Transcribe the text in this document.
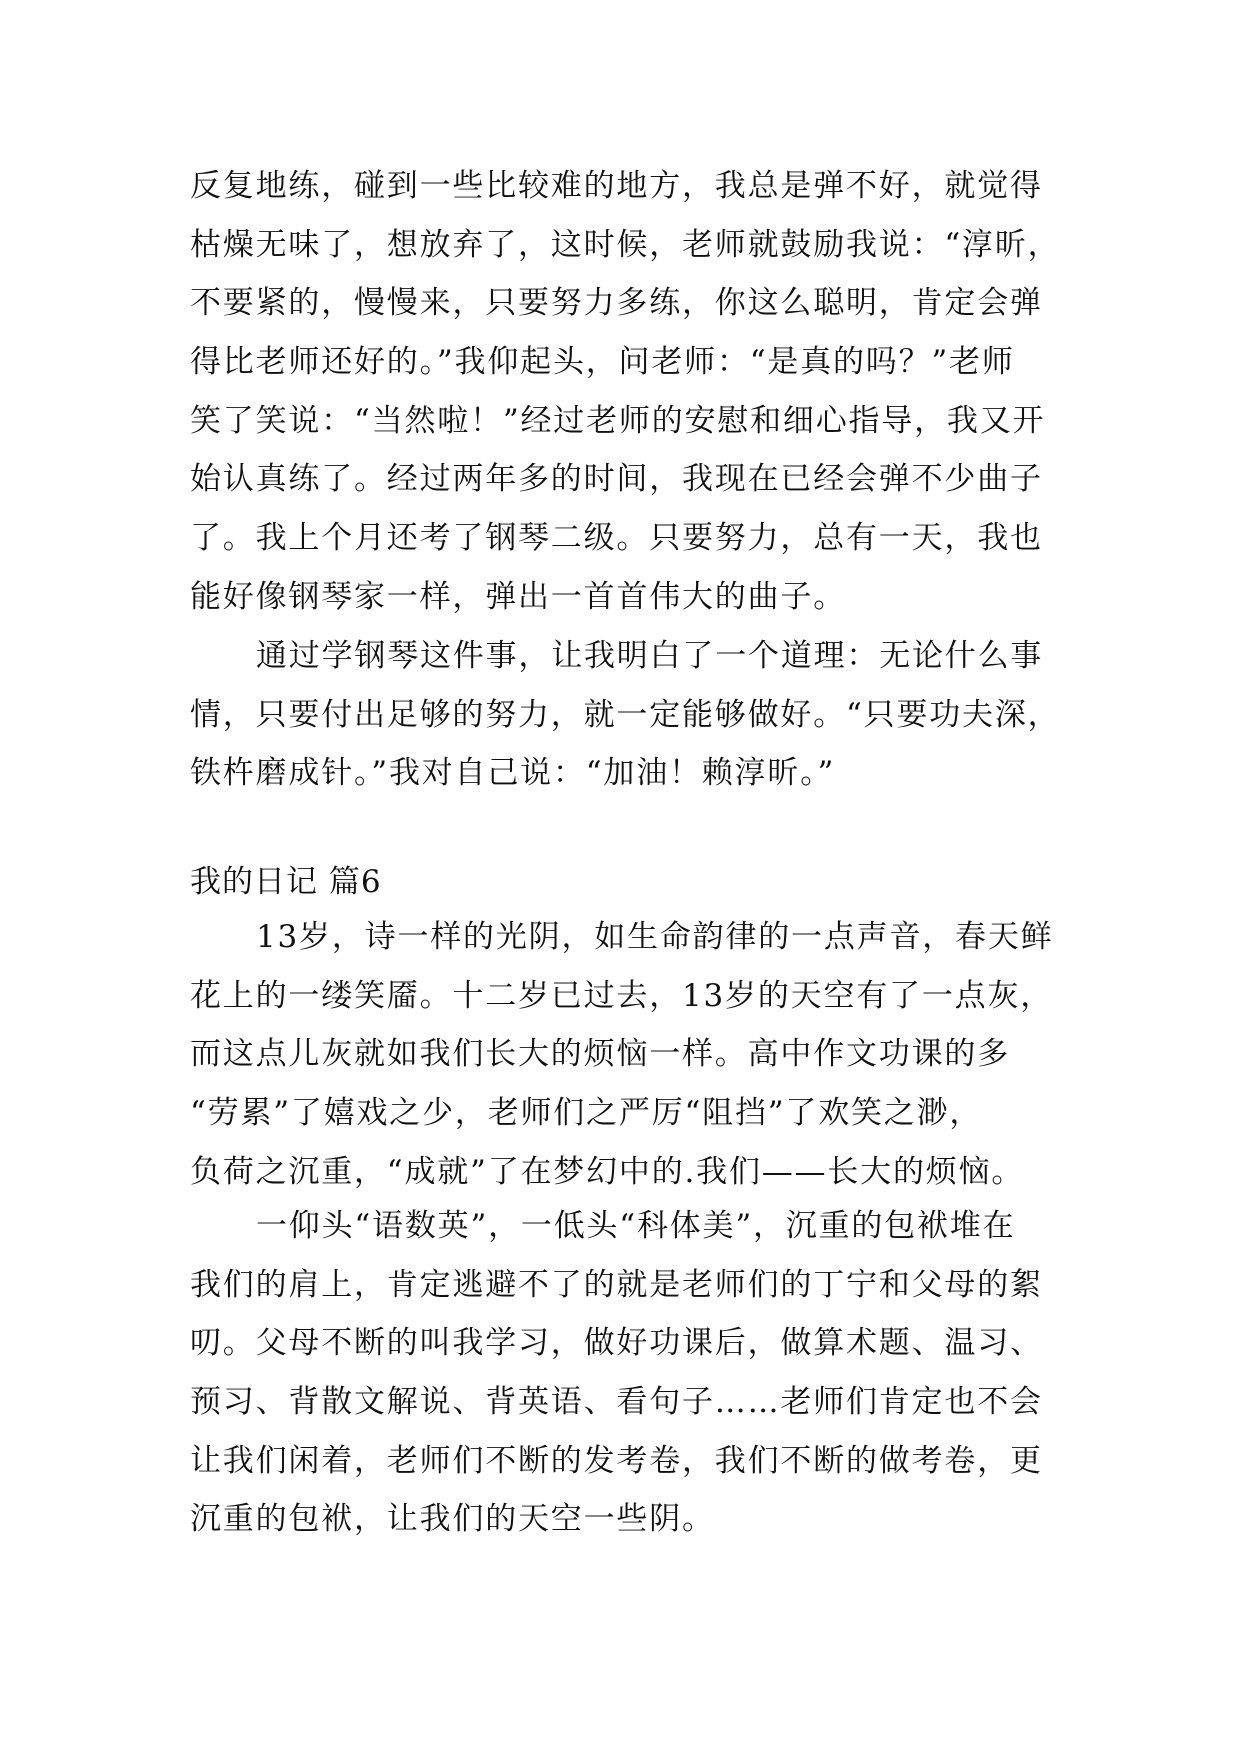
反复地练，碰到一些比较难的地方，我总是弹不好，就觉得
枯燥无味了，想放弃了，这时候，老师就鼓励我说：“淳昕，
不要紧的，慢慢来，只要努力多练，你这么聪明，肯定会弹
得比老师还好的。”我仰起头，问老师：“是真的吗？”老师
笑了笑说：“当然啦！”经过老师的安慰和细心指导，我又开
始认真练了。经过两年多的时间，我现在已经会弹不少曲子
了。我上个月还考了钢琴二级。只要努力，总有一天，我也
能好像钢琴家一样，弹出一首首伟大的曲子。
通过学钢琴这件事，让我明白了一个道理：无论什么事
情，只要付出足够的努力，就一定能够做好。“只要功夫深，
铁杵磨成针。”我对自己说：“加油！赖淳昕。”
我的日记 篇6
13岁，诗一样的光阴，如生命韵律的一点声音，春天鲜
花上的一缕笑靥。十二岁已过去，13岁的天空有了一点灰，
而这点儿灰就如我们长大的烦恼一样。高中作文功课的多
“劳累”了嬉戏之少，老师们之严厉“阻挡”了欢笑之渺，
负荷之沉重，“成就”了在梦幻中的.我们——长大的烦恼。
一仰头“语数英”，一低头“科体美”，沉重的包袱堆在
我们的肩上，肯定逃避不了的就是老师们的丁宁和父母的絮
叨。父母不断的叫我学习，做好功课后，做算术题、温习、
预习、背散文解说、背英语、看句子……老师们肯定也不会
让我们闲着，老师们不断的发考卷，我们不断的做考卷，更
沉重的包袱，让我们的天空一些阴。
